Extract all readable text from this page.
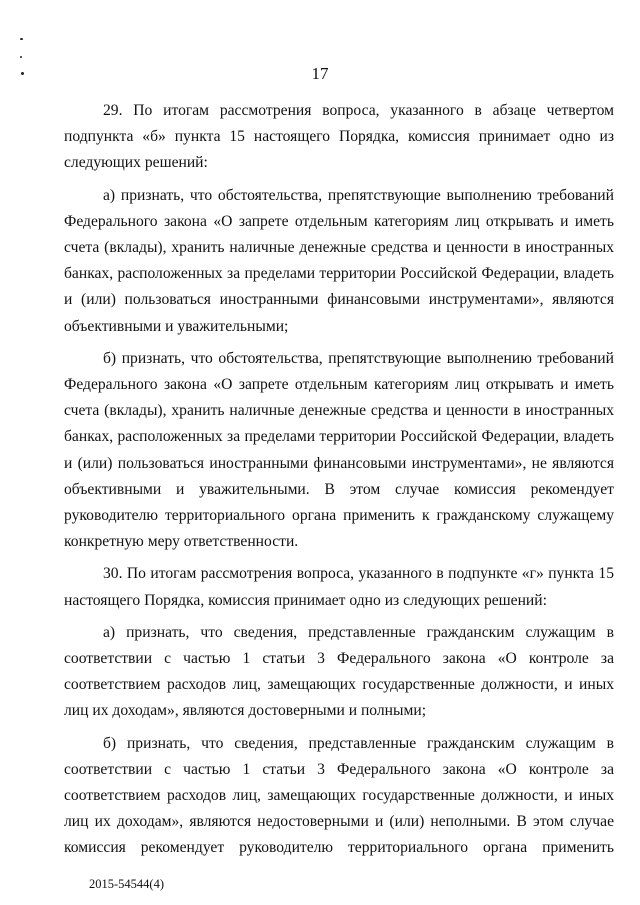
17

29. По итогам рассмотрения вопроса, указанного в абзаце четвертом подпункта «б» пункта 15 настоящего Порядка, комиссия принимает одно из следующих решений:

а) признать, что обстоятельства, препятствующие выполнению требований Федерального закона «О запрете отдельным категориям лиц открывать и иметь счета (вклады), хранить наличные денежные средства и ценности в иностранных банках, расположенных за пределами территории Российской Федерации, владеть и (или) пользоваться иностранными финансовыми инструментами», являются объективными и уважительными;

б) признать, что обстоятельства, препятствующие выполнению требований Федерального закона «О запрете отдельным категориям лиц открывать и иметь счета (вклады), хранить наличные денежные средства и ценности в иностранных банках, расположенных за пределами территории Российской Федерации, владеть и (или) пользоваться иностранными финансовыми инструментами», не являются объективными и уважительными. В этом случае комиссия рекомендует руководителю территориального органа применить к гражданскому служащему конкретную меру ответственности.

30. По итогам рассмотрения вопроса, указанного в подпункте «г» пункта 15 настоящего Порядка, комиссия принимает одно из следующих решений:

а) признать, что сведения, представленные гражданским служащим в соответствии с частью 1 статьи 3 Федерального закона «О контроле за соответствием расходов лиц, замещающих государственные должности, и иных лиц их доходам», являются достоверными и полными;

б) признать, что сведения, представленные гражданским служащим в соответствии с частью 1 статьи 3 Федерального закона «О контроле за соответствием расходов лиц, замещающих государственные должности, и иных лиц их доходам», являются недостоверными и (или) неполными. В этом случае комиссия рекомендует руководителю территориального органа применить

2015-54544(4)
